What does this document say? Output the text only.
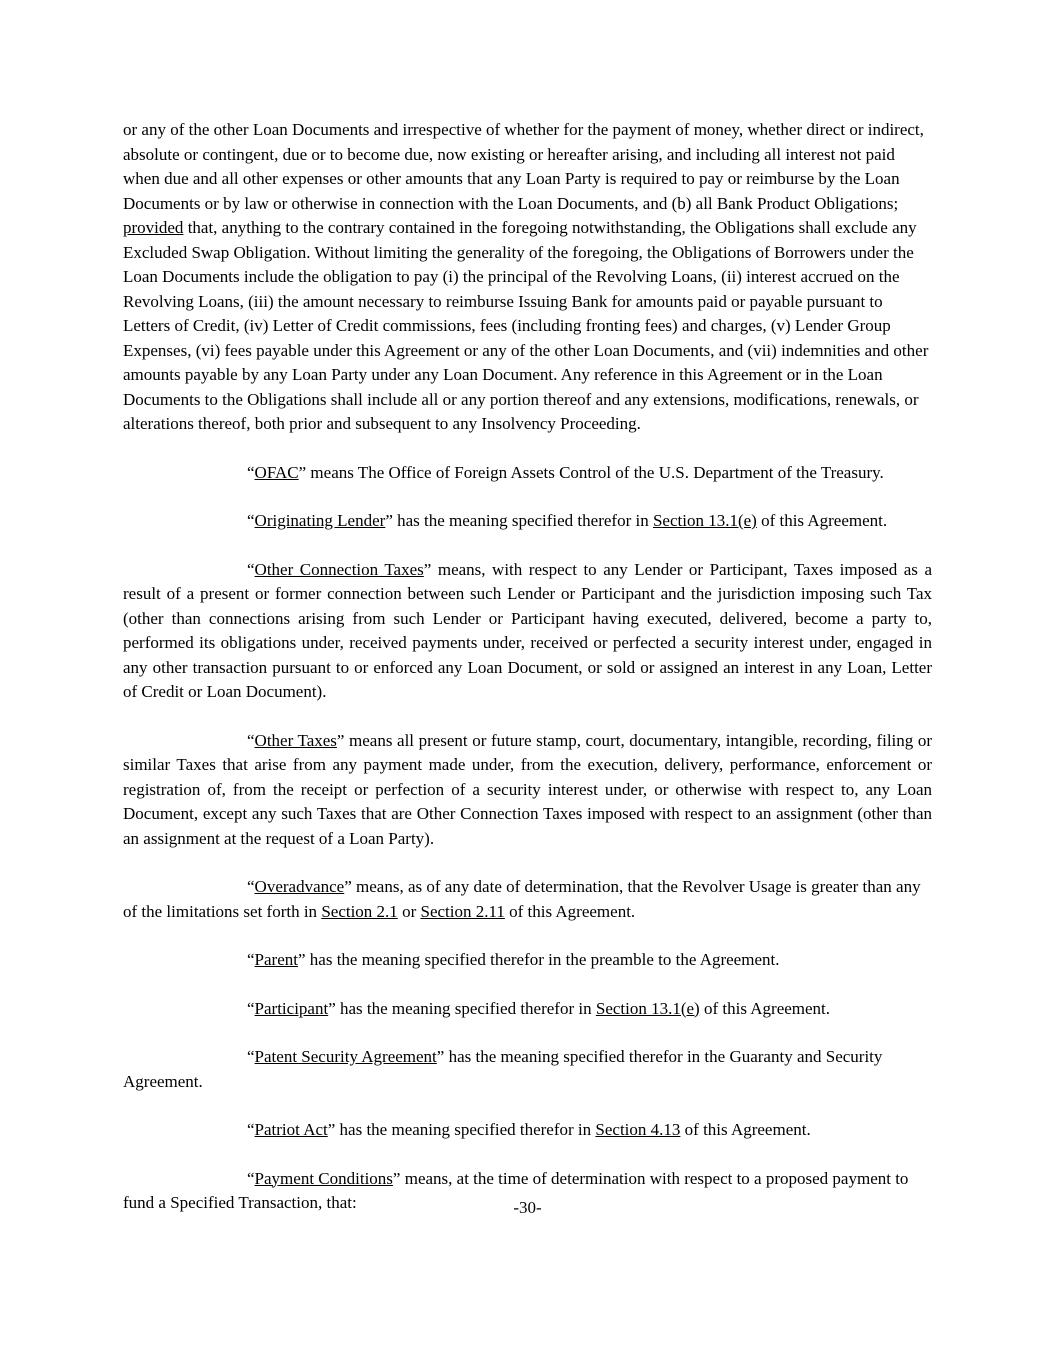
or any of the other Loan Documents and irrespective of whether for the payment of money, whether direct or indirect, absolute or contingent, due or to become due, now existing or hereafter arising, and including all interest not paid when due and all other expenses or other amounts that any Loan Party is required to pay or reimburse by the Loan Documents or by law or otherwise in connection with the Loan Documents, and (b) all Bank Product Obligations; provided that, anything to the contrary contained in the foregoing notwithstanding, the Obligations shall exclude any Excluded Swap Obligation. Without limiting the generality of the foregoing, the Obligations of Borrowers under the Loan Documents include the obligation to pay (i) the principal of the Revolving Loans, (ii) interest accrued on the Revolving Loans, (iii) the amount necessary to reimburse Issuing Bank for amounts paid or payable pursuant to Letters of Credit, (iv) Letter of Credit commissions, fees (including fronting fees) and charges, (v) Lender Group Expenses, (vi) fees payable under this Agreement or any of the other Loan Documents, and (vii) indemnities and other amounts payable by any Loan Party under any Loan Document. Any reference in this Agreement or in the Loan Documents to the Obligations shall include all or any portion thereof and any extensions, modifications, renewals, or alterations thereof, both prior and subsequent to any Insolvency Proceeding.

“OFAC” means The Office of Foreign Assets Control of the U.S. Department of the Treasury.

“Originating Lender” has the meaning specified therefor in Section 13.1(e) of this Agreement.

“Other Connection Taxes” means, with respect to any Lender or Participant, Taxes imposed as a result of a present or former connection between such Lender or Participant and the jurisdiction imposing such Tax (other than connections arising from such Lender or Participant having executed, delivered, become a party to, performed its obligations under, received payments under, received or perfected a security interest under, engaged in any other transaction pursuant to or enforced any Loan Document, or sold or assigned an interest in any Loan, Letter of Credit or Loan Document).

“Other Taxes” means all present or future stamp, court, documentary, intangible, recording, filing or similar Taxes that arise from any payment made under, from the execution, delivery, performance, enforcement or registration of, from the receipt or perfection of a security interest under, or otherwise with respect to, any Loan Document, except any such Taxes that are Other Connection Taxes imposed with respect to an assignment (other than an assignment at the request of a Loan Party).

“Overadvance” means, as of any date of determination, that the Revolver Usage is greater than any of the limitations set forth in Section 2.1 or Section 2.11 of this Agreement.

“Parent” has the meaning specified therefor in the preamble to the Agreement.

“Participant” has the meaning specified therefor in Section 13.1(e) of this Agreement.

“Patent Security Agreement” has the meaning specified therefor in the Guaranty and Security Agreement.

“Patriot Act” has the meaning specified therefor in Section 4.13 of this Agreement.

“Payment Conditions” means, at the time of determination with respect to a proposed payment to fund a Specified Transaction, that:	-30-
